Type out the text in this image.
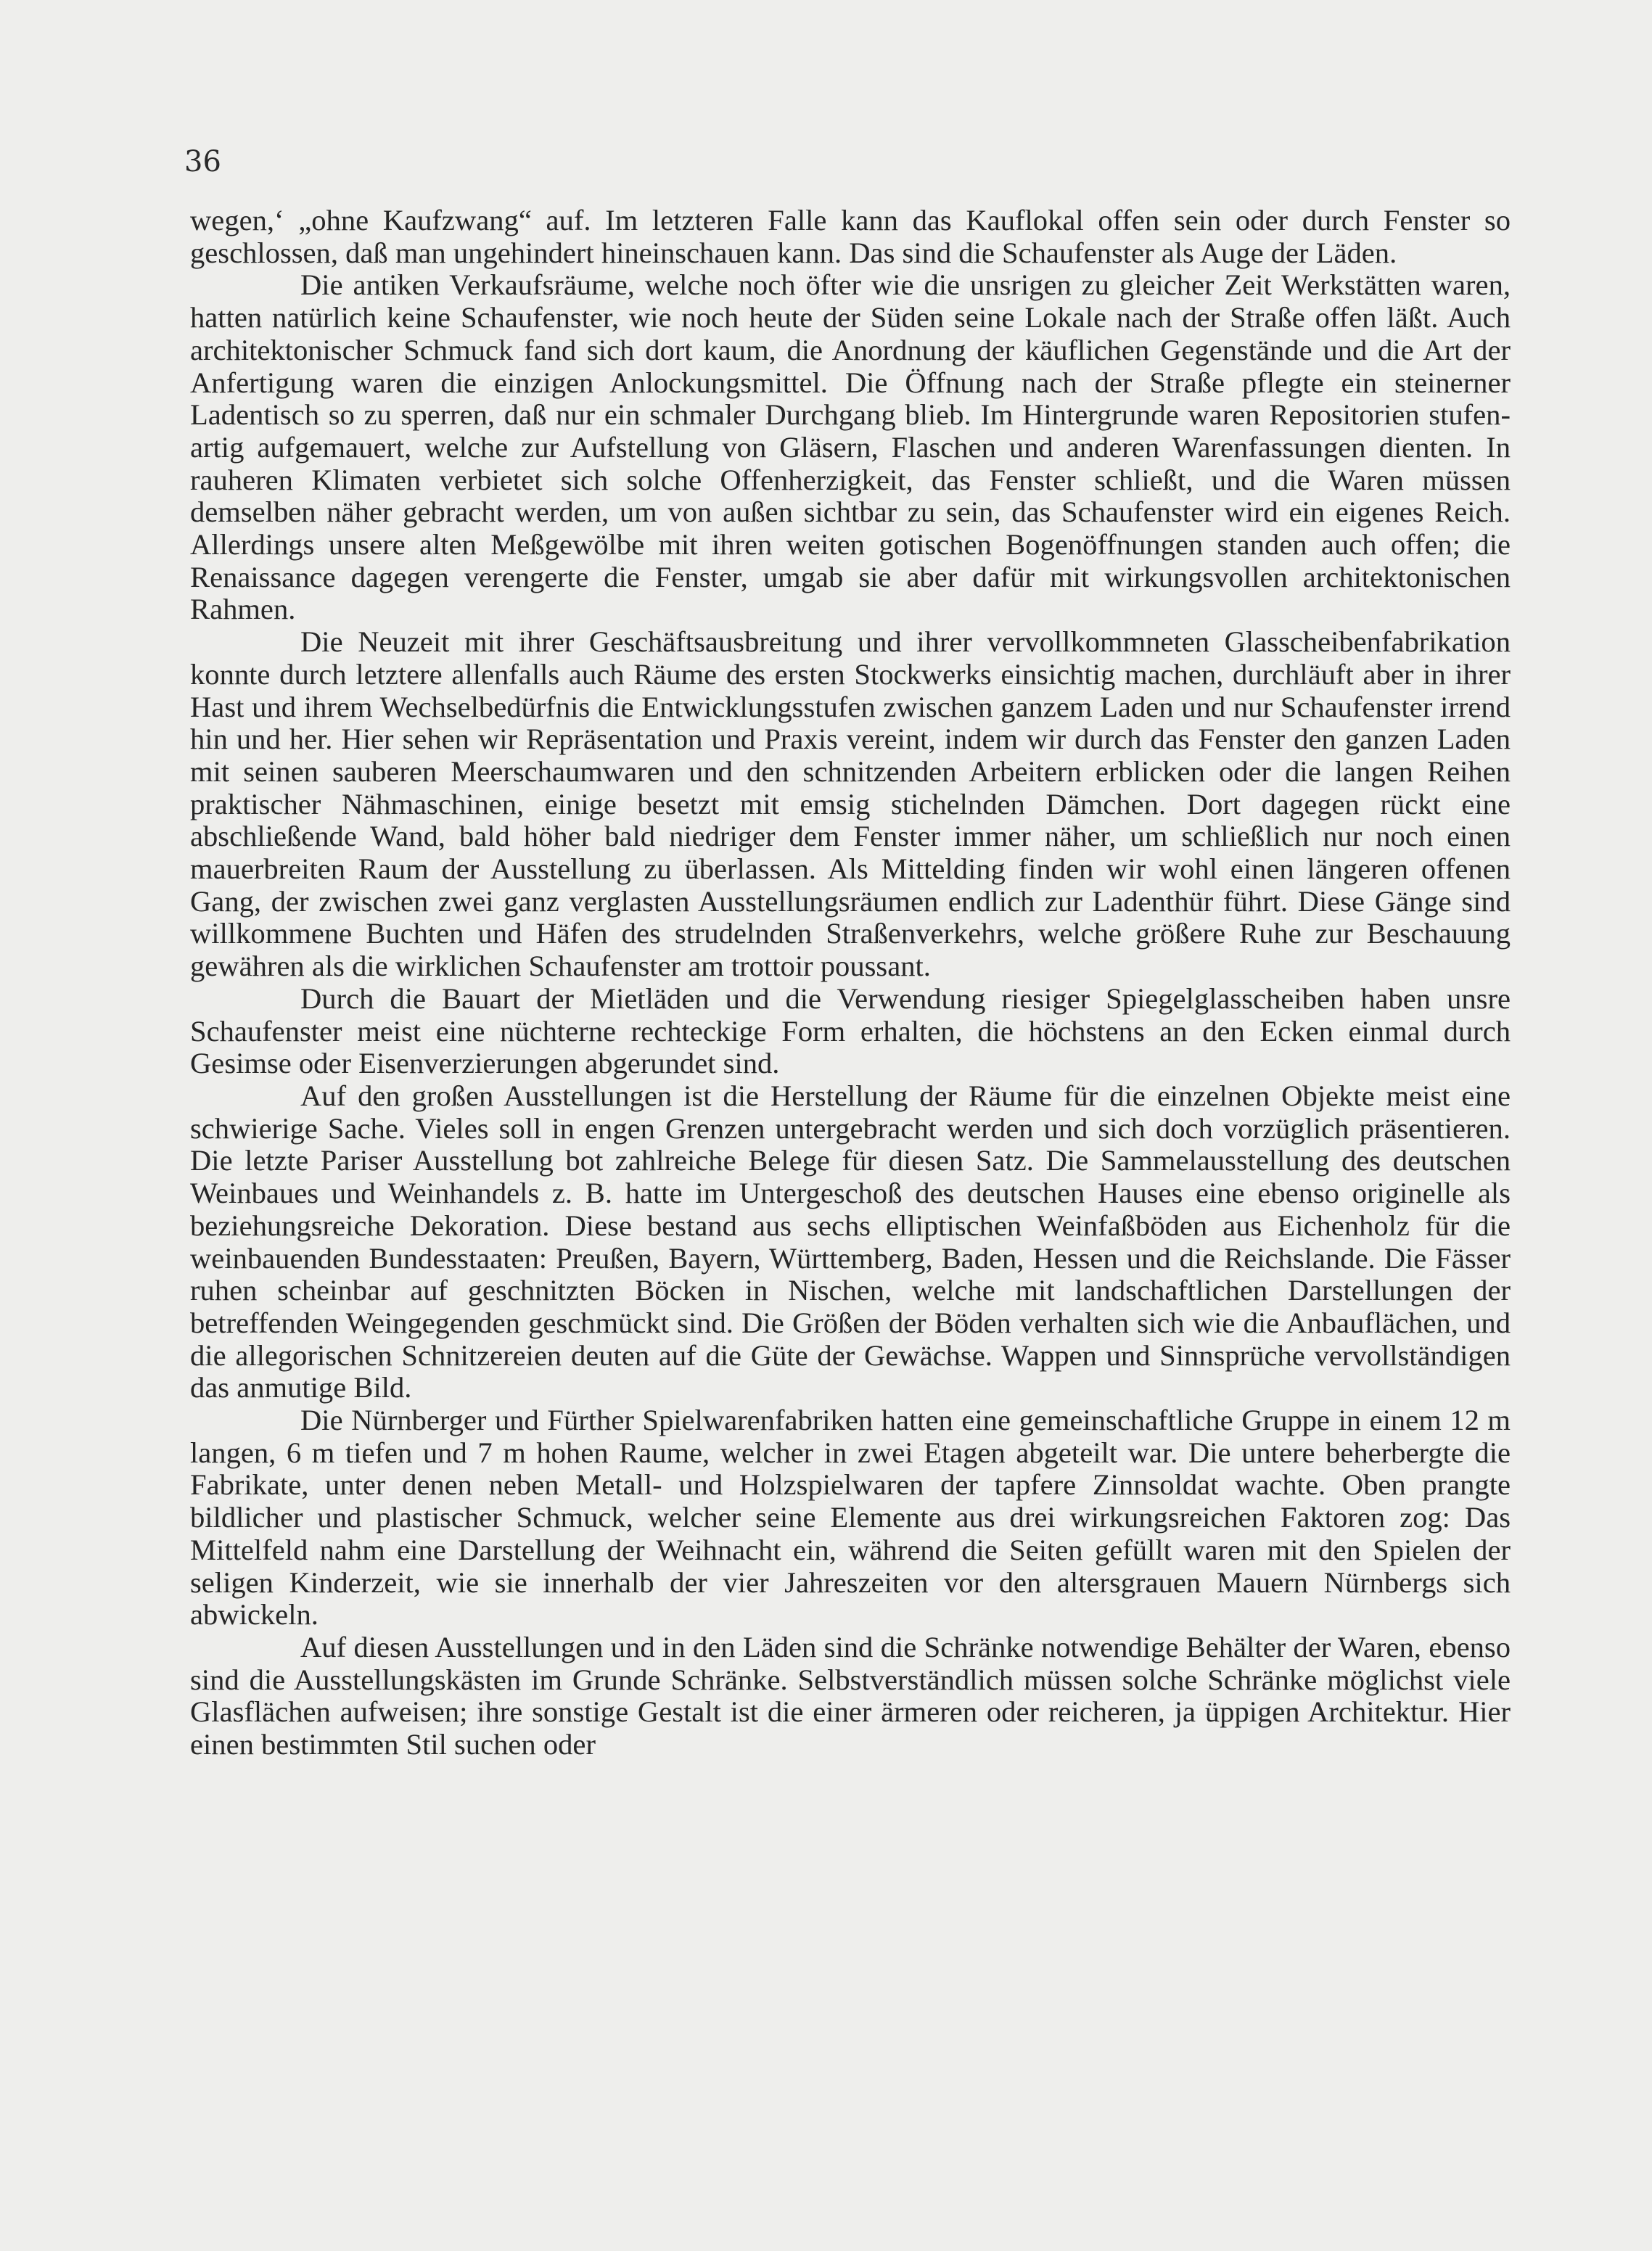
36

wegen,‘ „ohne Kaufzwang“ auf. Im letzteren Falle kann das Kauflokal offen sein oder durch Fenster so geschlossen, daß man ungehindert hineinschauen kann. Das sind die Schaufenster als Auge der Läden.

Die antiken Verkaufsräume, welche noch öfter wie die unsrigen zu gleicher Zeit Werkstätten waren, hatten natürlich keine Schaufenster, wie noch heute der Süden seine Lokale nach der Straße offen läßt. Auch architektonischer Schmuck fand sich dort kaum, die Anordnung der käuflichen Gegenstände und die Art der Anfertigung waren die einzigen Anlockungsmittel. Die Öffnung nach der Straße pflegte ein steinerner Ladentisch so zu sperren, daß nur ein schmaler Durchgang blieb. Im Hintergrunde waren Repositorien stufenartig aufgemauert, welche zur Aufstellung von Gläsern, Flaschen und anderen Warenfassungen dienten. In rauheren Klimaten verbietet sich solche Offenherzigkeit, das Fenster schließt, und die Waren müssen demselben näher gebracht werden, um von außen sichtbar zu sein, das Schaufenster wird ein eigenes Reich. Allerdings unsere alten Meßgewölbe mit ihren weiten gotischen Bogenöffnungen standen auch offen; die Renaissance dagegen verengerte die Fenster, umgab sie aber dafür mit wirkungsvollen architektonischen Rahmen.

Die Neuzeit mit ihrer Geschäftsausbreitung und ihrer vervollkommneten Glasscheibenfabrikation konnte durch letztere allenfalls auch Räume des ersten Stockwerks einsichtig machen, durchläuft aber in ihrer Hast und ihrem Wechselbedürfnis die Entwicklungsstufen zwischen ganzem Laden und nur Schaufenster irrend hin und her. Hier sehen wir Repräsentation und Praxis vereint, indem wir durch das Fenster den ganzen Laden mit seinen sauberen Meerschaumwaren und den schnitzenden Arbeitern erblicken oder die langen Reihen praktischer Nähmaschinen, einige besetzt mit emsig stichelnden Dämchen. Dort dagegen rückt eine abschließende Wand, bald höher bald niedriger dem Fenster immer näher, um schließlich nur noch einen mauerbreiten Raum der Ausstellung zu überlassen. Als Mittelding finden wir wohl einen längeren offenen Gang, der zwischen zwei ganz verglasten Ausstellungsräumen endlich zur Ladenthür führt. Diese Gänge sind willkommene Buchten und Häfen des strudelnden Straßenverkehrs, welche größere Ruhe zur Beschauung gewähren als die wirklichen Schaufenster am trottoir poussant.

Durch die Bauart der Mietläden und die Verwendung riesiger Spiegelglasscheiben haben unsre Schaufenster meist eine nüchterne rechteckige Form erhalten, die höchstens an den Ecken einmal durch Gesimse oder Eisenverzierungen abgerundet sind.

Auf den großen Ausstellungen ist die Herstellung der Räume für die einzelnen Objekte meist eine schwierige Sache. Vieles soll in engen Grenzen untergebracht werden und sich doch vorzüglich präsentieren. Die letzte Pariser Ausstellung bot zahlreiche Belege für diesen Satz. Die Sammelausstellung des deutschen Weinbaues und Weinhandels z. B. hatte im Untergeschoß des deutschen Hauses eine ebenso originelle als beziehungsreiche Dekoration. Diese bestand aus sechs elliptischen Weinfaßböden aus Eichenholz für die weinbauenden Bundesstaaten: Preußen, Bayern, Württemberg, Baden, Hessen und die Reichslande. Die Fässer ruhen scheinbar auf geschnitzten Böcken in Nischen, welche mit landschaftlichen Darstellungen der betreffenden Weingegenden geschmückt sind. Die Größen der Böden verhalten sich wie die Anbauflächen, und die allegorischen Schnitzereien deuten auf die Güte der Gewächse. Wappen und Sinnsprüche vervollständigen das anmutige Bild.

Die Nürnberger und Fürther Spielwarenfabriken hatten eine gemeinschaftliche Gruppe in einem 12 m langen, 6 m tiefen und 7 m hohen Raume, welcher in zwei Etagen abgeteilt war. Die untere beherbergte die Fabrikate, unter denen neben Metall- und Holzspielwaren der tapfere Zinnsoldat wachte. Oben prangte bildlicher und plastischer Schmuck, welcher seine Elemente aus drei wirkungsreichen Faktoren zog: Das Mittelfeld nahm eine Darstellung der Weihnacht ein, während die Seiten gefüllt waren mit den Spielen der seligen Kinderzeit, wie sie innerhalb der vier Jahreszeiten vor den altersgrauen Mauern Nürnbergs sich abwickeln.

Auf diesen Ausstellungen und in den Läden sind die Schränke notwendige Behälter der Waren, ebenso sind die Ausstellungskästen im Grunde Schränke. Selbstverständlich müssen solche Schränke möglichst viele Glasflächen aufweisen; ihre sonstige Gestalt ist die einer ärmeren oder reicheren, ja üppigen Architektur. Hier einen bestimmten Stil suchen oder
